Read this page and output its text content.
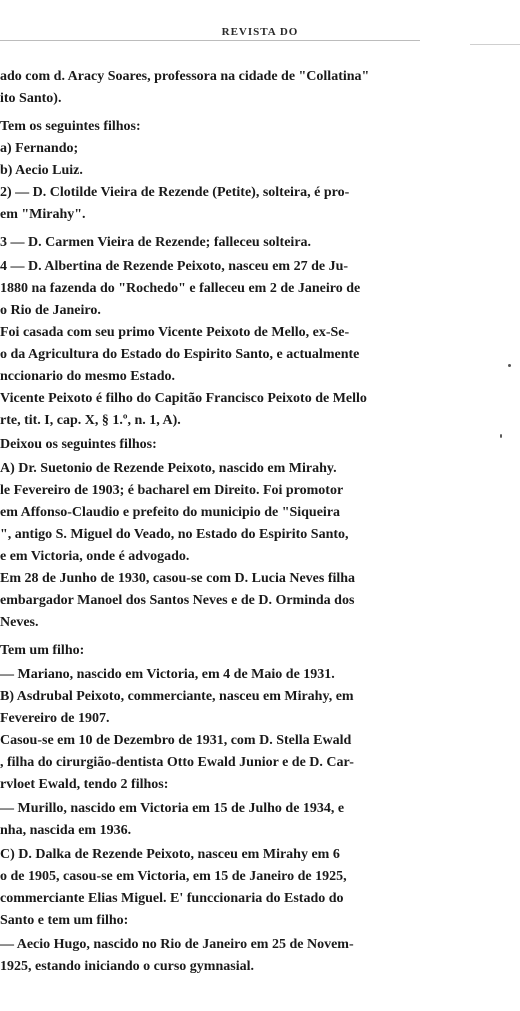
REVISTA DO
ado com d. Aracy Soares, professora na cidade de "Collatina"
ito Santo).
Tem os seguintes filhos:
a) Fernando;
b) Aecio Luiz.
2) — D. Clotilde Vieira de Rezende (Petite), solteira, é pro-
em "Mirahy".
3 — D. Carmen Vieira de Rezende; falleceu solteira.
4 — D. Albertina de Rezende Peixoto, nasceu em 27 de Ju-
1880 na fazenda do "Rochedo" e falleceu em 2 de Janeiro de
o Rio de Janeiro.
Foi casada com seu primo Vicente Peixoto de Mello, ex-Se-
o da Agricultura do Estado do Espirito Santo, e actualmente
nccionario do mesmo Estado.
Vicente Peixoto é filho do Capitão Francisco Peixoto de Mello
rte, tit. I, cap. X, § 1.º, n. 1, A).
Deixou os seguintes filhos:
A) Dr. Suetonio de Rezende Peixoto, nascido em Mirahy.
le Fevereiro de 1903; é bacharel em Direito. Foi promotor
em Affonso-Claudio e prefeito do municipio de "Siqueira
", antigo S. Miguel do Veado, no Estado do Espirito Santo,
e em Victoria, onde é advogado.
Em 28 de Junho de 1930, casou-se com D. Lucia Neves filha
embargador Manoel dos Santos Neves e de D. Orminda dos
Neves.
Tem um filho:
— Mariano, nascido em Victoria, em 4 de Maio de 1931.
B) Asdrubal Peixoto, commerciante, nasceu em Mirahy, em
Fevereiro de 1907.
Casou-se em 10 de Dezembro de 1931, com D. Stella Ewald
, filha do cirurgião-dentista Otto Ewald Junior e de D. Car-
rvloet Ewald, tendo 2 filhos:
— Murillo, nascido em Victoria em 15 de Julho de 1934, e
nha, nascida em 1936.
C) D. Dalka de Rezende Peixoto, nasceu em Mirahy em 6
o de 1905, casou-se em Victoria, em 15 de Janeiro de 1925,
commerciante Elias Miguel. E' funccionaria do Estado do
Santo e tem um filho:
— Aecio Hugo, nascido no Rio de Janeiro em 25 de Novem-
1925, estando iniciando o curso gymnasial.
